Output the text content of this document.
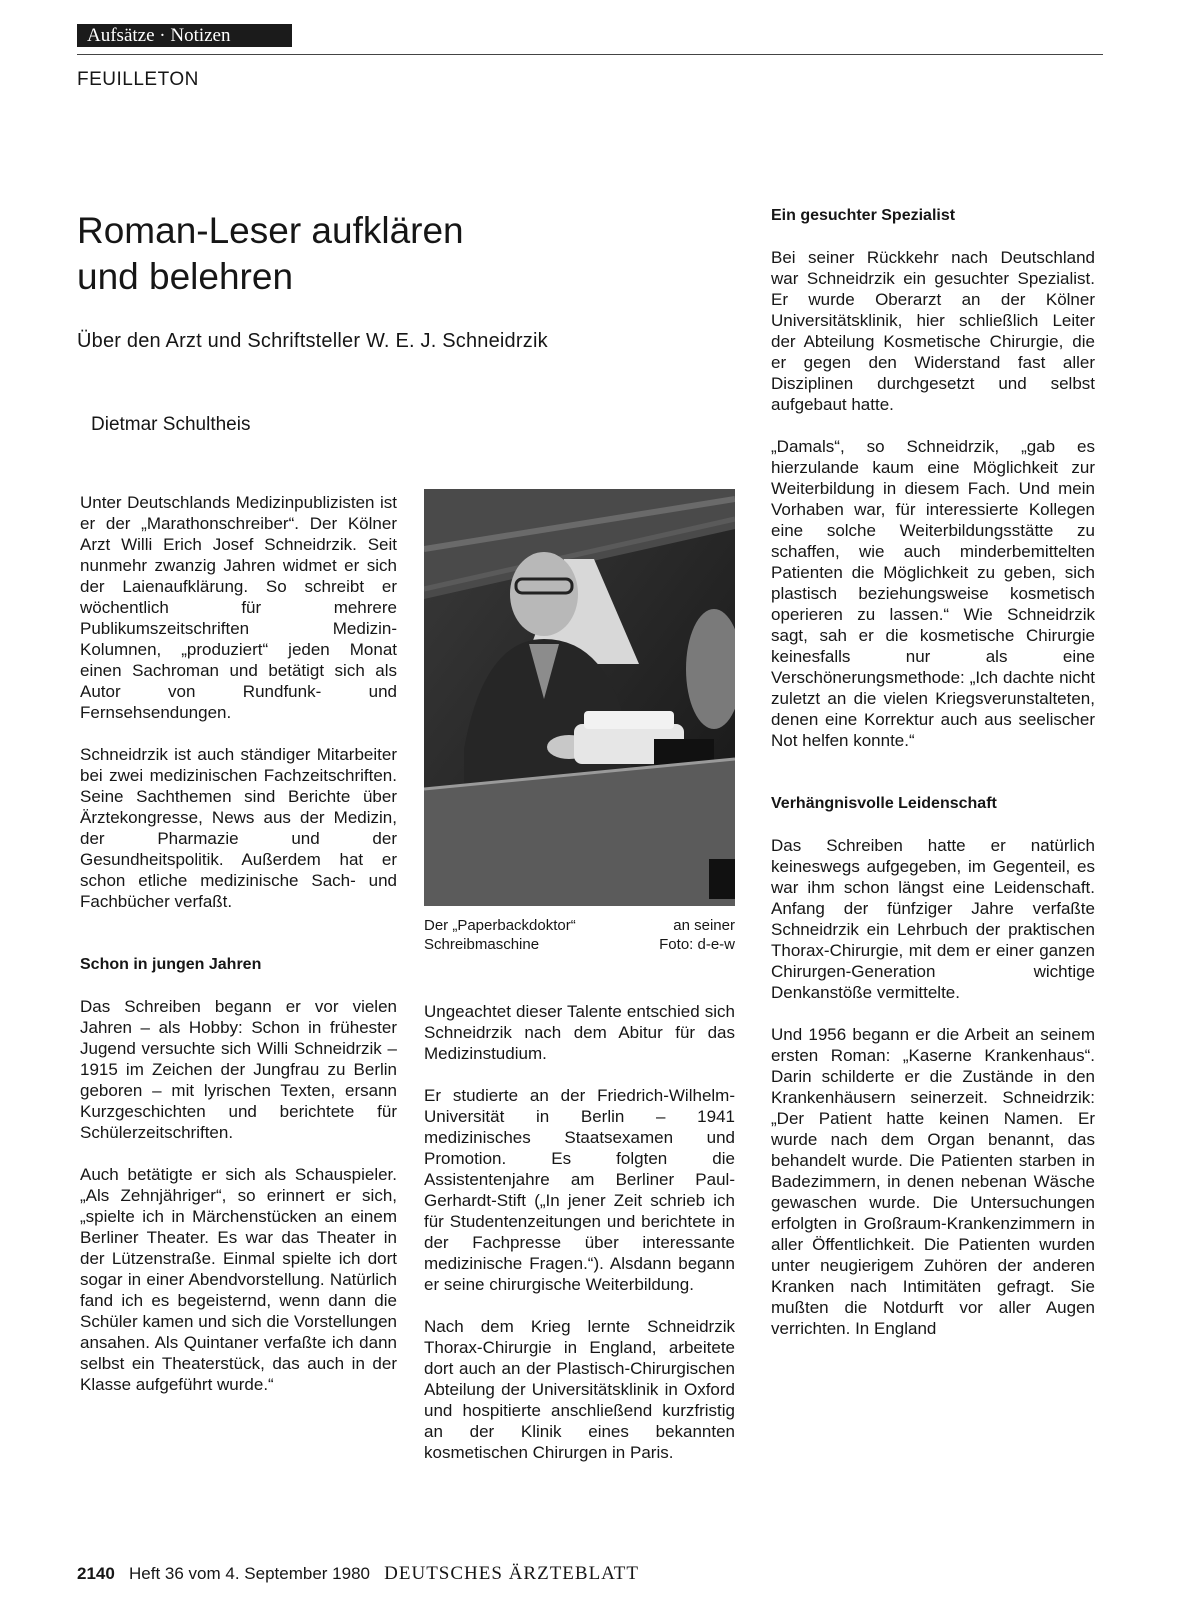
Aufsätze · Notizen
FEUILLETON
Roman-Leser aufklären
und belehren
Über den Arzt und Schriftsteller W. E. J. Schneidrzik
Dietmar Schultheis

Unter Deutschlands Medizinpublizisten ist er der „Marathonschreiber“. Der Kölner Arzt Willi Erich Josef Schneidrzik. Seit nunmehr zwanzig Jahren widmet er sich der Laienaufklärung. So schreibt er wöchentlich für mehrere Publikumszeitschriften Medizin-Kolumnen, „produziert“ jeden Monat einen Sachroman und betätigt sich als Autor von Rundfunk- und Fernsehsendungen.

Schneidrzik ist auch ständiger Mitarbeiter bei zwei medizinischen Fachzeitschriften. Seine Sachthemen sind Berichte über Ärztekongresse, News aus der Medizin, der Pharmazie und der Gesundheitspolitik. Außerdem hat er schon etliche medizinische Sach- und Fachbücher verfaßt.

Schon in jungen Jahren

Das Schreiben begann er vor vielen Jahren – als Hobby: Schon in frühester Jugend versuchte sich Willi Schneidrzik – 1915 im Zeichen der Jungfrau zu Berlin geboren – mit lyrischen Texten, ersann Kurzgeschichten und berichtete für Schülerzeitschriften.

Auch betätigte er sich als Schauspieler. „Als Zehnjähriger“, so erinnert er sich, „spielte ich in Märchenstücken an einem Berliner Theater. Es war das Theater in der Lützenstraße. Einmal spielte ich dort sogar in einer Abendvorstellung. Natürlich fand ich es begeisternd, wenn dann die Schüler kamen und sich die Vorstellungen ansahen. Als Quintaner verfaßte ich dann selbst ein Theaterstück, das auch in der Klasse aufgeführt wurde.“

Der „Paperbackdoktor“	an seiner
Schreibmaschine	Foto: d-e-w

Ungeachtet dieser Talente entschied sich Schneidrzik nach dem Abitur für das Medizinstudium.

Er studierte an der Friedrich-Wilhelm-Universität in Berlin – 1941 medizinisches Staatsexamen und Promotion. Es folgten die Assistentenjahre am Berliner Paul-Gerhardt-Stift („In jener Zeit schrieb ich für Studentenzeitungen und berichtete in der Fachpresse über interessante medizinische Fragen.“). Alsdann begann er seine chirurgische Weiterbildung.

Nach dem Krieg lernte Schneidrzik Thorax-Chirurgie in England, arbeitete dort auch an der Plastisch-Chirurgischen Abteilung der Universitätsklinik in Oxford und hospitierte anschließend kurzfristig an der Klinik eines bekannten kosmetischen Chirurgen in Paris.

Ein gesuchter Spezialist

Bei seiner Rückkehr nach Deutschland war Schneidrzik ein gesuchter Spezialist. Er wurde Oberarzt an der Kölner Universitätsklinik, hier schließlich Leiter der Abteilung Kosmetische Chirurgie, die er gegen den Widerstand fast aller Disziplinen durchgesetzt und selbst aufgebaut hatte.

„Damals“, so Schneidrzik, „gab es hierzulande kaum eine Möglichkeit zur Weiterbildung in diesem Fach. Und mein Vorhaben war, für interessierte Kollegen eine solche Weiterbildungsstätte zu schaffen, wie auch minderbemittelten Patienten die Möglichkeit zu geben, sich plastisch beziehungsweise kosmetisch operieren zu lassen.“ Wie Schneidrzik sagt, sah er die kosmetische Chirurgie keinesfalls nur als eine Verschönerungsmethode: „Ich dachte nicht zuletzt an die vielen Kriegsverunstalteten, denen eine Korrektur auch aus seelischer Not helfen konnte.“

Verhängnisvolle Leidenschaft

Das Schreiben hatte er natürlich keineswegs aufgegeben, im Gegenteil, es war ihm schon längst eine Leidenschaft. Anfang der fünfziger Jahre verfaßte Schneidrzik ein Lehrbuch der praktischen Thorax-Chirurgie, mit dem er einer ganzen Chirurgen-Generation wichtige Denkanstöße vermittelte.

Und 1956 begann er die Arbeit an seinem ersten Roman: „Kaserne Krankenhaus“. Darin schilderte er die Zustände in den Krankenhäusern seinerzeit. Schneidrzik: „Der Patient hatte keinen Namen. Er wurde nach dem Organ benannt, das behandelt wurde. Die Patienten starben in Badezimmern, in denen nebenan Wäsche gewaschen wurde. Die Untersuchungen erfolgten in Großraum-Krankenzimmern in aller Öffentlichkeit. Die Patienten wurden unter neugierigem Zuhören der anderen Kranken nach Intimitäten gefragt. Sie mußten die Notdurft vor aller Augen verrichten. In England

2140 Heft 36 vom 4. September 1980 DEUTSCHES ÄRZTEBLATT
